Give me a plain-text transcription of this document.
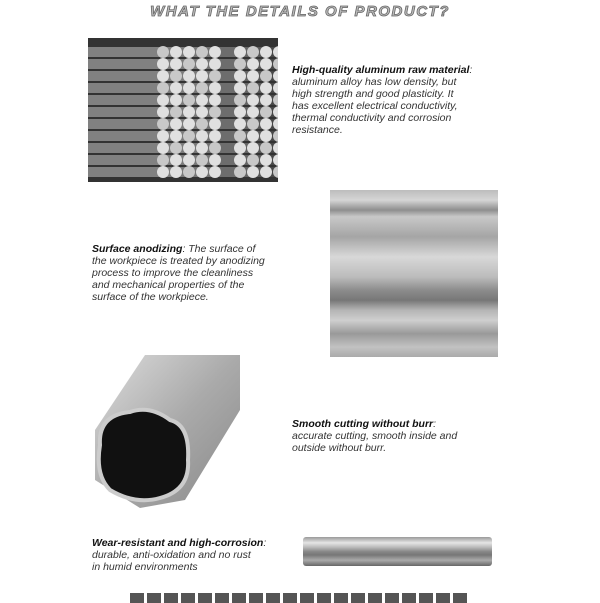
WHAT THE DETAILS OF PRODUCT?
High-quality aluminum raw material:
aluminum alloy has low density, but
high strength and good plasticity. It
has excellent electrical conductivity,
thermal conductivity and corrosion
resistance.
Surface anodizing: The surface of
the workpiece is treated by anodizing
process to improve the cleanliness
and mechanical properties of the
surface of the workpiece.
Smooth cutting without burr:
accurate cutting, smooth inside and
outside without burr.
Wear-resistant and high-corrosion:
durable, anti-oxidation and no rust
in humid environments
